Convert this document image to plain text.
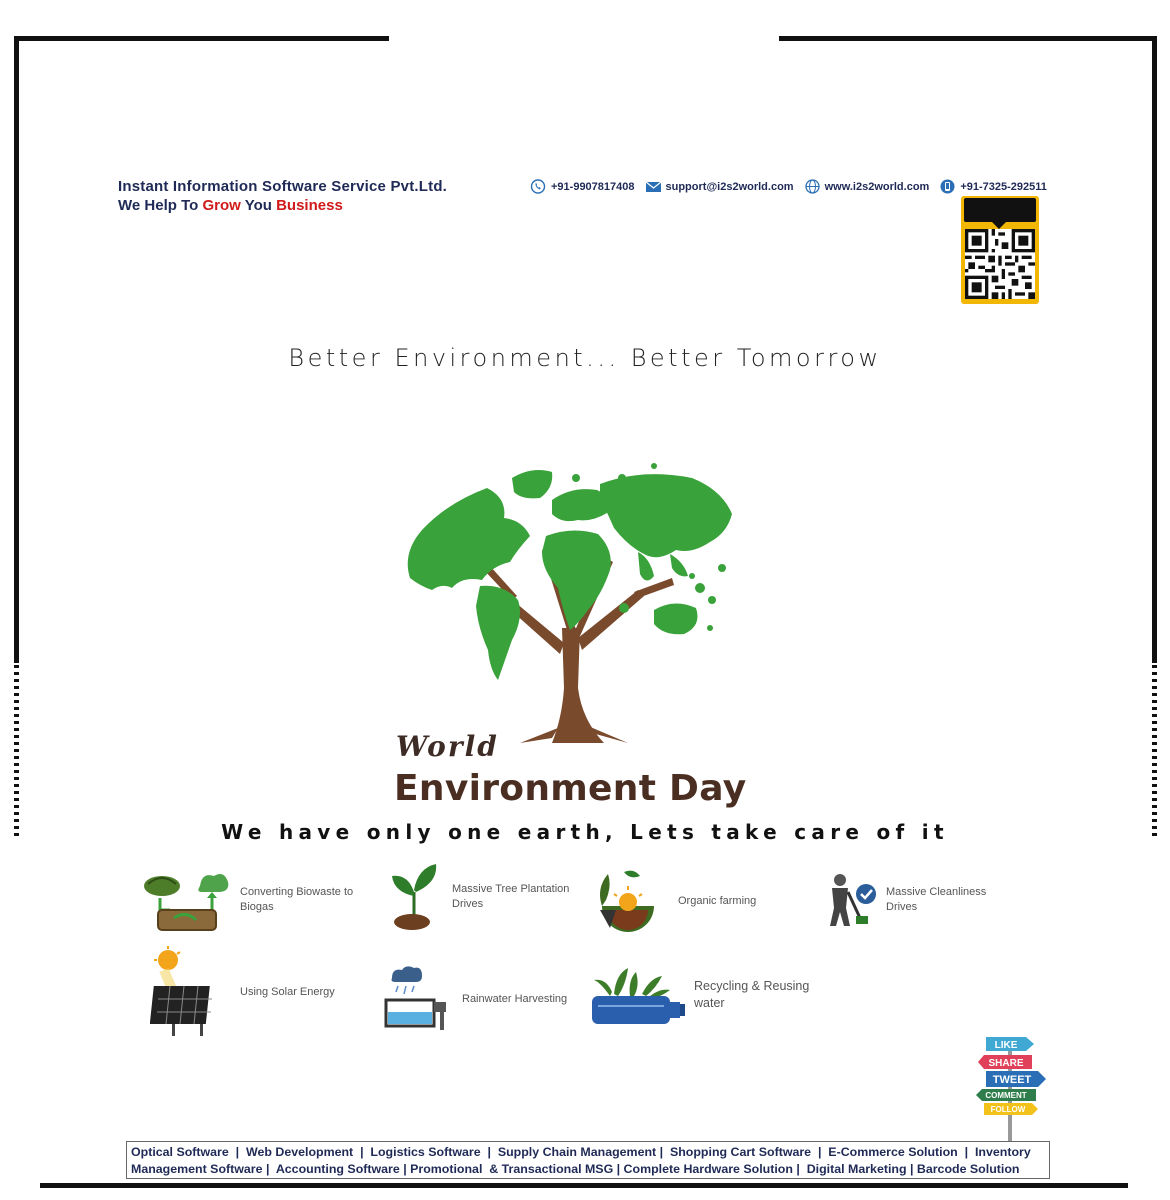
Instant Information Software Service Pvt.Ltd.
We Help To Grow You Business
+91-9907817408	support@i2s2world.com	www.i2s2world.com	+91-7325-292511
Better Environment... Better Tomorrow
World
Environment Day
We have only one earth, Lets take care of it
Converting Biowaste to
Biogas
Massive Tree Plantation
Drives	Organic farming
Massive Cleanliness
Drives
Using Solar Energy
Rainwater Harvesting
Recycling & Reusing
water
LIKE
SHARE
TWEET
COMMENT
FOLLOW
Optical Software  |  Web Development  |  Logistics Software  |  Supply Chain Management |  Shopping Cart Software  |  E-Commerce Solution  |  Inventory
Management Software |  Accounting Software | Promotional  & Transactional MSG | Complete Hardware Solution |  Digital Marketing | Barcode Solution
